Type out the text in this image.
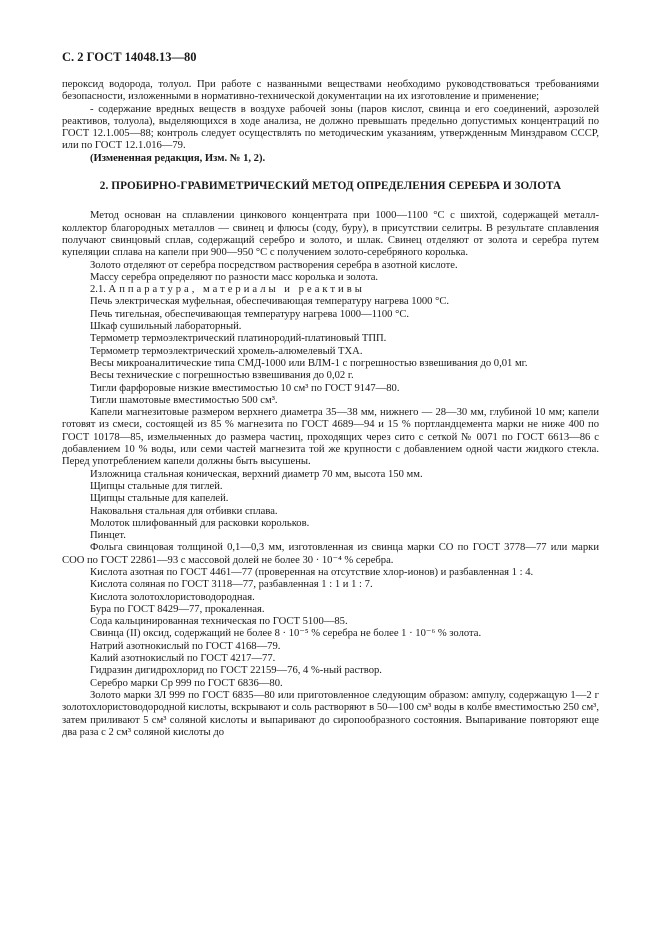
С. 2 ГОСТ 14048.13—80

пероксид водорода, толуол. При работе с названными веществами необходимо руководствоваться требованиями безопасности, изложенными в нормативно-технической документации на их изготовление и применение;

- содержание вредных веществ в воздухе рабочей зоны (паров кислот, свинца и его соединений, аэрозолей реактивов, толуола), выделяющихся в ходе анализа, не должно превышать предельно допустимых концентраций по ГОСТ 12.1.005—88; контроль следует осуществлять по методическим указаниям, утвержденным Минздравом СССР, или по ГОСТ 12.1.016—79.

(Измененная редакция, Изм. № 1, 2).

2. ПРОБИРНО-ГРАВИМЕТРИЧЕСКИЙ МЕТОД ОПРЕДЕЛЕНИЯ СЕРЕБРА И ЗОЛОТА

Метод основан на сплавлении цинкового концентрата при 1000—1100 °С с шихтой, содержащей металл-коллектор благородных металлов — свинец и флюсы (соду, буру), в присутствии селитры. В результате сплавления получают свинцовый сплав, содержащий серебро и золото, и шлак. Свинец отделяют от золота и серебра путем купеляции сплава на капели при 900—950 °С с получением золото-серебряного королька.

Золото отделяют от серебра посредством растворения серебра в азотной кислоте.

Массу серебра определяют по разности масс королька и золота.

2.1. Аппаратура, материалы и реактивы

Печь электрическая муфельная, обеспечивающая температуру нагрева 1000 °С.

Печь тигельная, обеспечивающая температуру нагрева 1000—1100 °С.

Шкаф сушильный лабораторный.

Термометр термоэлектрический платинородий-платиновый ТПП.

Термометр термоэлектрический хромель-алюмелевый ТХА.

Весы микроаналитические типа СМД-1000 или ВЛМ-1 с погрешностью взвешивания до 0,01 мг.

Весы технические с погрешностью взвешивания до 0,02 г.

Тигли фарфоровые низкие вместимостью 10 см³ по ГОСТ 9147—80.

Тигли шамотовые вместимостью 500 см³.

Капели магнезитовые размером верхнего диаметра 35—38 мм, нижнего — 28—30 мм, глубиной 10 мм; капели готовят из смеси, состоящей из 85 % магнезита по ГОСТ 4689—94 и 15 % портландцемента марки не ниже 400 по ГОСТ 10178—85, измельченных до размера частиц, проходящих через сито с сеткой № 0071 по ГОСТ 6613—86 с добавлением 10 % воды, или семи частей магнезита той же крупности с добавлением одной части жидкого стекла. Перед употреблением капели должны быть высушены.

Изложница стальная коническая, верхний диаметр 70 мм, высота 150 мм.

Щипцы стальные для тиглей.

Щипцы стальные для капелей.

Наковальня стальная для отбивки сплава.

Молоток шлифованный для расковки корольков.

Пинцет.

Фольга свинцовая толщиной 0,1—0,3 мм, изготовленная из свинца марки СО по ГОСТ 3778—77 или марки СОО по ГОСТ 22861—93 с массовой долей не более 30 · 10⁻⁴ % серебра.

Кислота азотная по ГОСТ 4461—77 (проверенная на отсутствие хлор-ионов) и разбавленная 1 : 4.

Кислота соляная по ГОСТ 3118—77, разбавленная 1 : 1 и 1 : 7.

Кислота золотохлористоводородная.

Бура по ГОСТ 8429—77, прокаленная.

Сода кальцинированная техническая по ГОСТ 5100—85.

Свинца (II) оксид, содержащий не более 8 · 10⁻⁵ % серебра не более 1 · 10⁻⁶ % золота.

Натрий азотнокислый по ГОСТ 4168—79.

Калий азотнокислый по ГОСТ 4217—77.

Гидразин дигидрохлорид по ГОСТ 22159—76, 4 %-ный раствор.

Серебро марки Ср 999 по ГОСТ 6836—80.

Золото марки ЗЛ 999 по ГОСТ 6835—80 или приготовленное следующим образом: ампулу, содержащую 1—2 г золотохлористоводородной кислоты, вскрывают и соль растворяют в 50—100 см³ воды в колбе вместимостью 250 см³, затем приливают 5 см³ соляной кислоты и выпаривают до сиропообразного состояния. Выпаривание повторяют еще два раза с 2 см³ соляной кислоты до
